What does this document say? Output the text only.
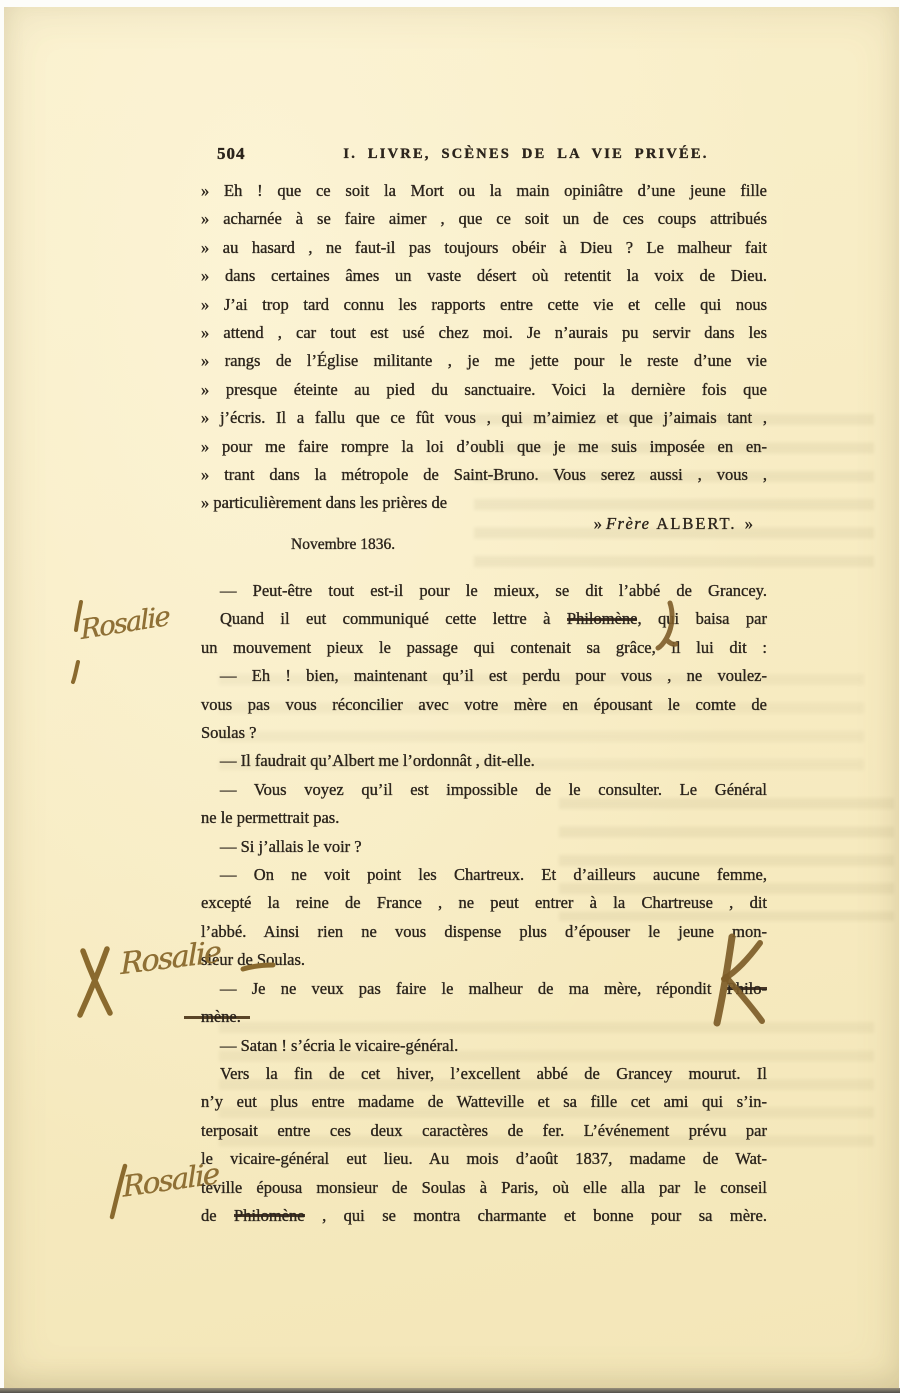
504	I. LIVRE, SCÈNES DE LA VIE PRIVÉE.
» Eh ! que ce soit la Mort ou la main opiniâtre d’une jeune fille
» acharnée à se faire aimer , que ce soit un de ces coups attribués
» au hasard , ne faut-il pas toujours obéir à Dieu ? Le malheur fait
» dans certaines âmes un vaste désert où retentit la voix de Dieu.
» J’ai trop tard connu les rapports entre cette vie et celle qui nous
» attend , car tout est usé chez moi. Je n’aurais pu servir dans les
» rangs de l’Église militante , je me jette pour le reste d’une vie
» presque éteinte au pied du sanctuaire. Voici la dernière fois que
» j’écris. Il a fallu que ce fût vous , qui m’aimiez et que j’aimais tant ,
» pour me faire rompre la loi d’oubli que je me suis imposée en en-
» trant dans la métropole de Saint-Bruno. Vous serez aussi , vous ,
» particulièrement dans les prières de
» Frère ALBERT. »
Novembre 1836.
— Peut-être tout est-il pour le mieux, se dit l’abbé de Grancey.
Quand il eut communiqué cette lettre à Philomène, qui baisa par
un mouvement pieux le passage qui contenait sa grâce, il lui dit :
— Eh ! bien, maintenant qu’il est perdu pour vous , ne voulez-
vous pas vous réconcilier avec votre mère en épousant le comte de
Soulas ?
— Il faudrait qu’Albert me l’ordonnât , dit-elle.
— Vous voyez qu’il est impossible de le consulter. Le Général
ne le permettrait pas.
— Si j’allais le voir ?
— On ne voit point les Chartreux. Et d’ailleurs aucune femme,
excepté la reine de France , ne peut entrer à la Chartreuse , dit
l’abbé. Ainsi rien ne vous dispense plus d’épouser le jeune mon-
sieur de Soulas.
— Je ne veux pas faire le malheur de ma mère, répondit Philo-
mène.
— Satan ! s’écria le vicaire-général.
Vers la fin de cet hiver, l’excellent abbé de Grancey mourut. Il
n’y eut plus entre madame de Watteville et sa fille cet ami qui s’in-
terposait entre ces deux caractères de fer. L’événement prévu par
le vicaire-général eut lieu. Au mois d’août 1837, madame de Wat-
teville épousa monsieur de Soulas à Paris, où elle alla par le conseil
de Philomène , qui se montra charmante et bonne pour sa mère.
Rosalie
Rosalie
Rosalie
